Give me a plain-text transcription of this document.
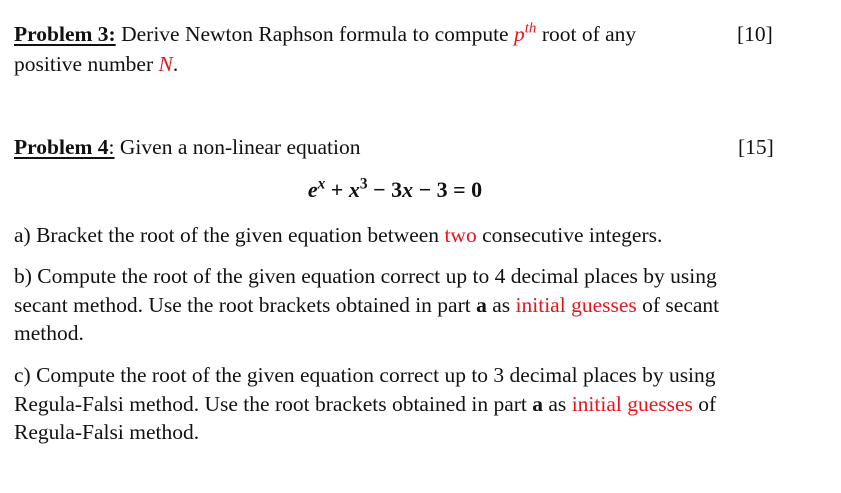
Problem 3: Derive Newton Raphson formula to compute $p^{th}$ root of any	[10]
positive number N.
Problem 4: Given a non-linear equation	[15]
$e^x + x^3 - 3x - 3 = 0$
a) Bracket the root of the given equation between two consecutive integers.
b) Compute the root of the given equation correct up to 4 decimal places by using
secant method. Use the root brackets obtained in part a as initial guesses of secant
method.
c) Compute the root of the given equation correct up to 3 decimal places by using
Regula-Falsi method. Use the root brackets obtained in part a as initial guesses of
Regula-Falsi method.
